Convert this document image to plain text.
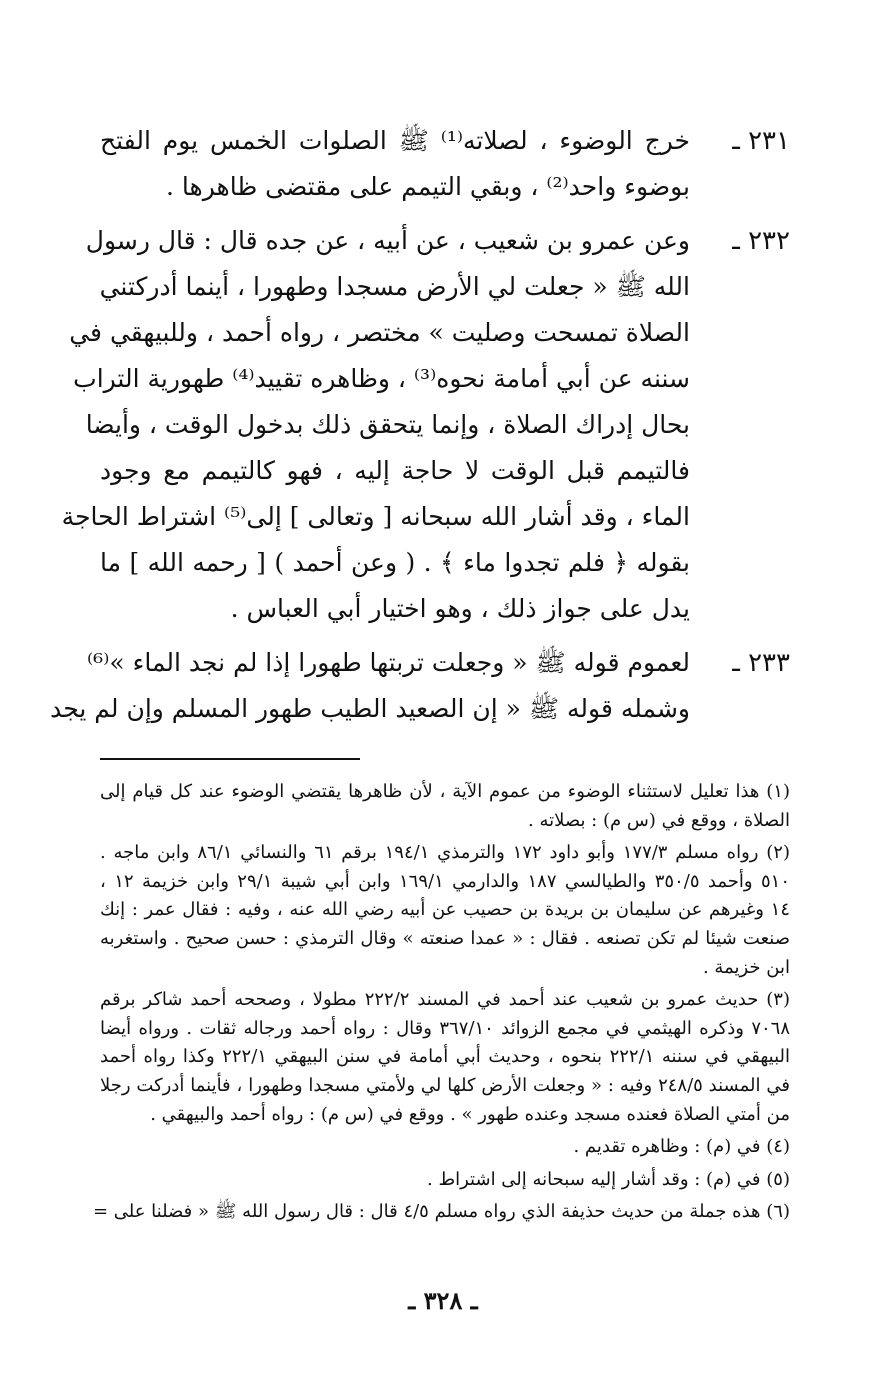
٢٣١ ـ
خرج الوضوء ، لصلاته⁽¹⁾ ﷺ الصلوات الخمس يوم الفتح
بوضوء واحد⁽²⁾ ، وبقي التيمم على مقتضى ظاهرها .
٢٣٢ ـ
وعن عمرو بن شعيب ، عن أبيه ، عن جده قال : قال رسول
الله ﷺ « جعلت لي الأرض مسجدا وطهورا ، أينما أدركتني
الصلاة تمسحت وصليت » مختصر ، رواه أحمد ، وللبيهقي في
سننه عن أبي أمامة نحوه⁽³⁾ ، وظاهره تقييد⁽⁴⁾ طهورية التراب
بحال إدراك الصلاة ، وإنما يتحقق ذلك بدخول الوقت ، وأيضا
فالتيمم قبل الوقت لا حاجة إليه ، فهو كالتيمم مع وجود
الماء ، وقد أشار الله سبحانه [ وتعالى ] إلى⁽⁵⁾ اشتراط الحاجة
بقوله ﴿ فلم تجدوا ماء ﴾ . ( وعن أحمد ) [ رحمه الله ] ما
يدل على جواز ذلك ، وهو اختيار أبي العباس .
٢٣٣ ـ
لعموم قوله ﷺ « وجعلت تربتها طهورا إذا لم نجد الماء »⁽⁶⁾
وشمله قوله ﷺ « إن الصعيد الطيب طهور المسلم وإن لم يجد
(١) هذا تعليل لاستثناء الوضوء من عموم الآية ، لأن ظاهرها يقتضي الوضوء عند كل قيام إلى
الصلاة ، ووقع في (س م) : بصلاته .
(٢) رواه مسلم ١٧٧/٣ وأبو داود ١٧٢ والترمذي ١٩٤/١ برقم ٦١ والنسائي ٨٦/١ وابن ماجه .
٥١٠ وأحمد ٣٥٠/٥ والطيالسي ١٨٧ والدارمي ١٦٩/١ وابن أبي شيبة ٢٩/١ وابن خزيمة ١٢ ،
١٤ وغيرهم عن سليمان بن بريدة بن حصيب عن أبيه رضي الله عنه ، وفيه : فقال عمر : إنك
صنعت شيئا لم تكن تصنعه . فقال : « عمدا صنعته » وقال الترمذي : حسن صحيح . واستغربه
ابن خزيمة .
(٣) حديث عمرو بن شعيب عند أحمد في المسند ٢٢٢/٢ مطولا ، وصححه أحمد شاكر برقم
٧٠٦٨ وذكره الهيثمي في مجمع الزوائد ٣٦٧/١٠ وقال : رواه أحمد ورجاله ثقات . ورواه أيضا
البيهقي في سننه ٢٢٢/١ بنحوه ، وحديث أبي أمامة في سنن البيهقي ٢٢٢/١ وكذا رواه أحمد
في المسند ٢٤٨/٥ وفيه : « وجعلت الأرض كلها لي ولأمتي مسجدا وطهورا ، فأينما أدركت رجلا
من أمتي الصلاة فعنده مسجد وعنده طهور » . ووقع في (س م) : رواه أحمد والبيهقي .
(٤) في (م) : وظاهره تقديم .
(٥) في (م) : وقد أشار إليه سبحانه إلى اشتراط .
(٦) هذه جملة من حديث حذيفة الذي رواه مسلم ٤/٥ قال : قال رسول الله ﷺ « فضلنا على =
ـ ٣٢٨ ـ
